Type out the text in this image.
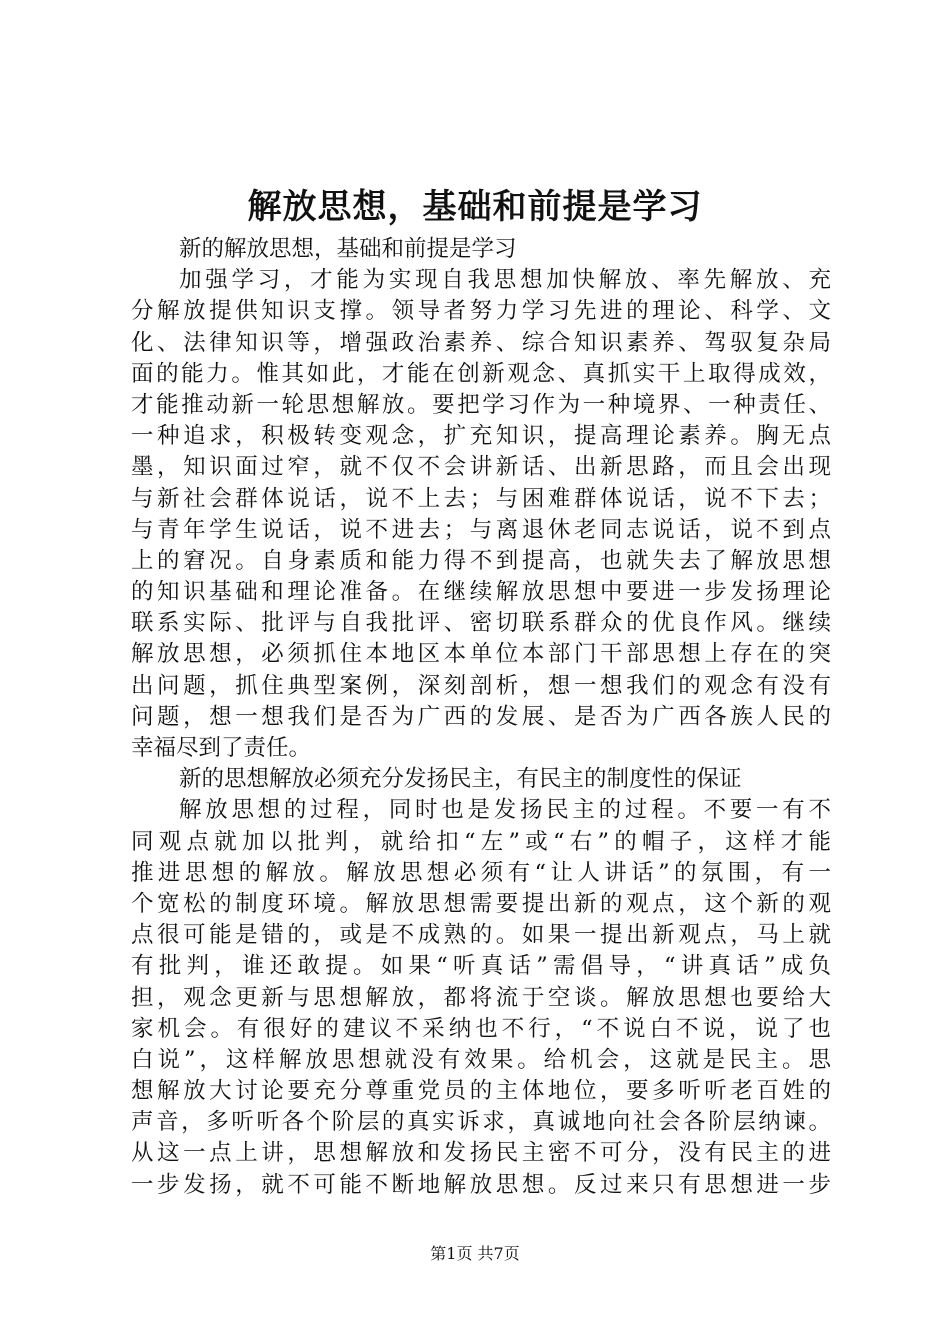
解放思想，基础和前提是学习
新的解放思想，基础和前提是学习
加强学习，才能为实现自我思想加快解放、率先解放、充
分解放提供知识支撑。领导者努力学习先进的理论、科学、文
化、法律知识等，增强政治素养、综合知识素养、驾驭复杂局
面的能力。惟其如此，才能在创新观念、真抓实干上取得成效，
才能推动新一轮思想解放。要把学习作为一种境界、一种责任、
一种追求，积极转变观念，扩充知识，提高理论素养。胸无点
墨，知识面过窄，就不仅不会讲新话、出新思路，而且会出现
与新社会群体说话，说不上去；与困难群体说话，说不下去；
与青年学生说话，说不进去；与离退休老同志说话，说不到点
上的窘况。自身素质和能力得不到提高，也就失去了解放思想
的知识基础和理论准备。在继续解放思想中要进一步发扬理论
联系实际、批评与自我批评、密切联系群众的优良作风。继续
解放思想，必须抓住本地区本单位本部门干部思想上存在的突
出问题，抓住典型案例，深刻剖析，想一想我们的观念有没有
问题，想一想我们是否为广西的发展、是否为广西各族人民的
幸福尽到了责任。
新的思想解放必须充分发扬民主，有民主的制度性的保证
解放思想的过程，同时也是发扬民主的过程。不要一有不
同观点就加以批判，就给扣“左”或“右”的帽子，这样才能
推进思想的解放。解放思想必须有“让人讲话”的氛围，有一
个宽松的制度环境。解放思想需要提出新的观点，这个新的观
点很可能是错的，或是不成熟的。如果一提出新观点，马上就
有批判，谁还敢提。如果“听真话”需倡导，“讲真话”成负
担，观念更新与思想解放，都将流于空谈。解放思想也要给大
家机会。有很好的建议不采纳也不行，“不说白不说，说了也
白说”，这样解放思想就没有效果。给机会，这就是民主。思
想解放大讨论要充分尊重党员的主体地位，要多听听老百姓的
声音，多听听各个阶层的真实诉求，真诚地向社会各阶层纳谏。
从这一点上讲，思想解放和发扬民主密不可分，没有民主的进
一步发扬，就不可能不断地解放思想。反过来只有思想进一步
第1页 共7页
